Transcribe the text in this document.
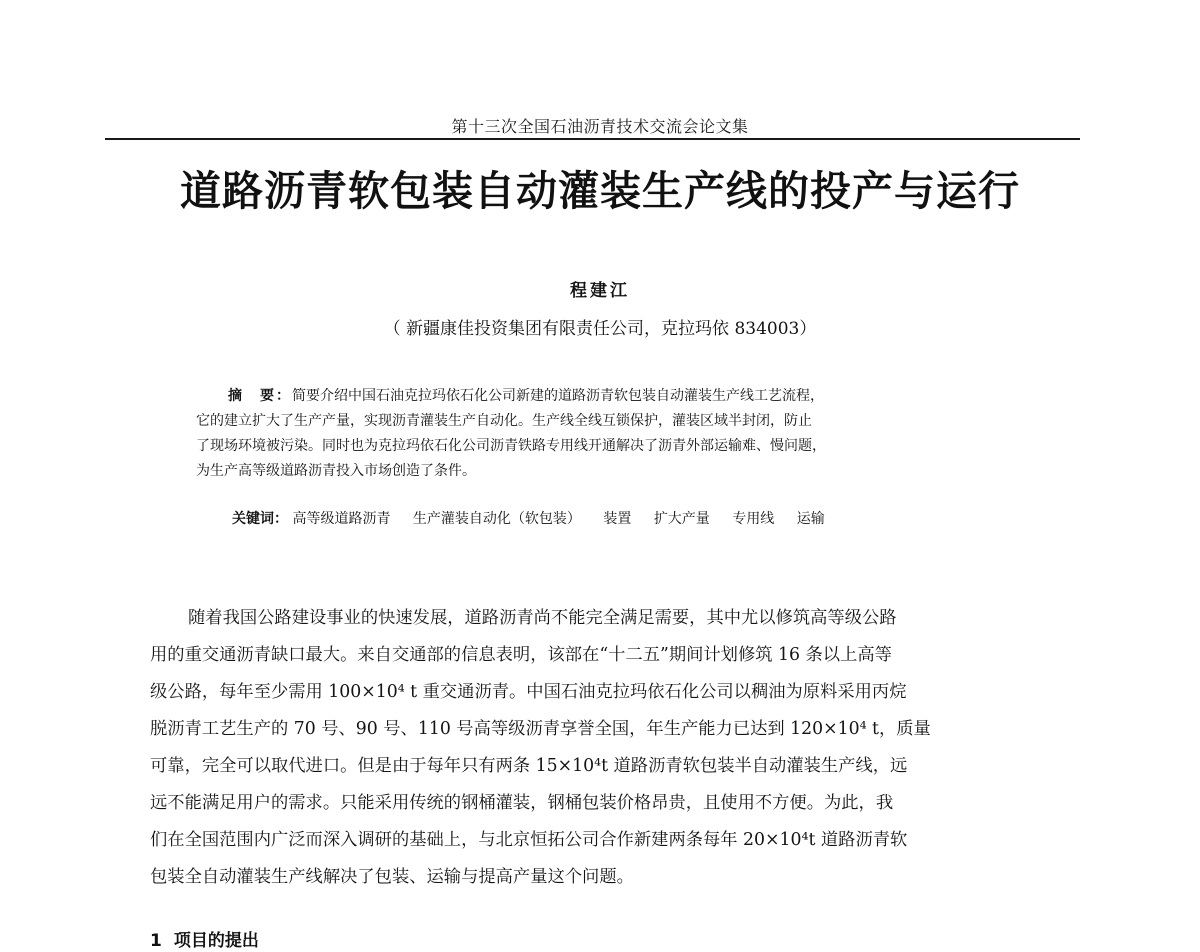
第十三次全国石油沥青技术交流会论文集
道路沥青软包装自动灌装生产线的投产与运行
程建江
（ 新疆康佳投资集团有限责任公司，克拉玛依 834003）
摘　要：简要介绍中国石油克拉玛依石化公司新建的道路沥青软包装自动灌装生产线工艺流程，
它的建立扩大了生产产量，实现沥青灌装生产自动化。生产线全线互锁保护，灌装区域半封闭，防止
了现场环境被污染。同时也为克拉玛依石化公司沥青铁路专用线开通解决了沥青外部运输难、慢问题，
为生产高等级道路沥青投入市场创造了条件。
关键词： 高等级道路沥青 生产灌装自动化（软包装） 装置 扩大产量 专用线 运输
随着我国公路建设事业的快速发展，道路沥青尚不能完全满足需要，其中尤以修筑高等级公路
用的重交通沥青缺口最大。来自交通部的信息表明，该部在“十二五”期间计划修筑 16 条以上高等
级公路，每年至少需用 100×10⁴ t 重交通沥青。中国石油克拉玛依石化公司以稠油为原料采用丙烷
脱沥青工艺生产的 70 号、90 号、110 号高等级沥青享誉全国，年生产能力已达到 120×10⁴ t，质量
可靠，完全可以取代进口。但是由于每年只有两条 15×10⁴t 道路沥青软包装半自动灌装生产线，远
远不能满足用户的需求。只能采用传统的钢桶灌装，钢桶包装价格昂贵，且使用不方便。为此，我
们在全国范围内广泛而深入调研的基础上，与北京恒拓公司合作新建两条每年 20×10⁴t 道路沥青软
包装全自动灌装生产线解决了包装、运输与提高产量这个问题。
1 项目的提出
